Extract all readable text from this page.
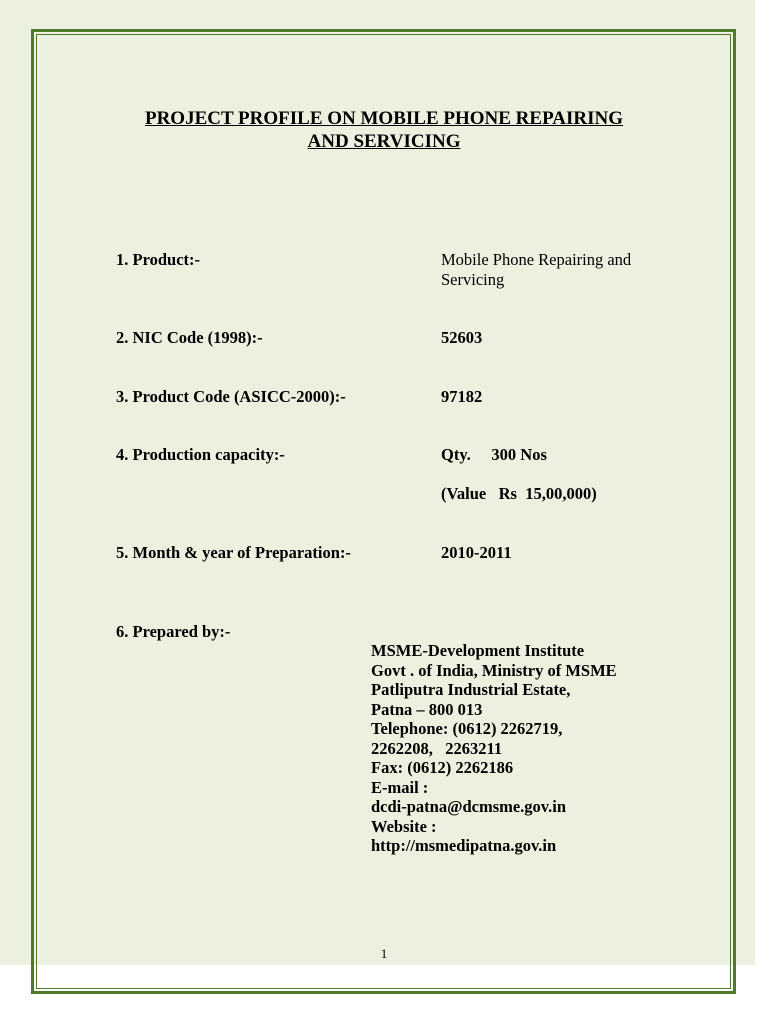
PROJECT PROFILE ON MOBILE PHONE REPAIRING
AND SERVICING
1. Product:-	Mobile Phone Repairing and Servicing
2. NIC Code (1998):-	52603
3. Product Code (ASICC-2000):-	97182
4. Production capacity:-	Qty.     300 Nos
(Value   Rs  15,00,000)
5. Month & year of Preparation:-	2010-2011
6. Prepared by:-
MSME-Development Institute
Govt . of India, Ministry of MSME
Patliputra Industrial Estate,
Patna – 800 013
Telephone: (0612) 2262719,
2262208,   2263211
Fax: (0612) 2262186
E-mail :
dcdi-patna@dcmsme.gov.in
Website :
http://msmedipatna.gov.in
1
